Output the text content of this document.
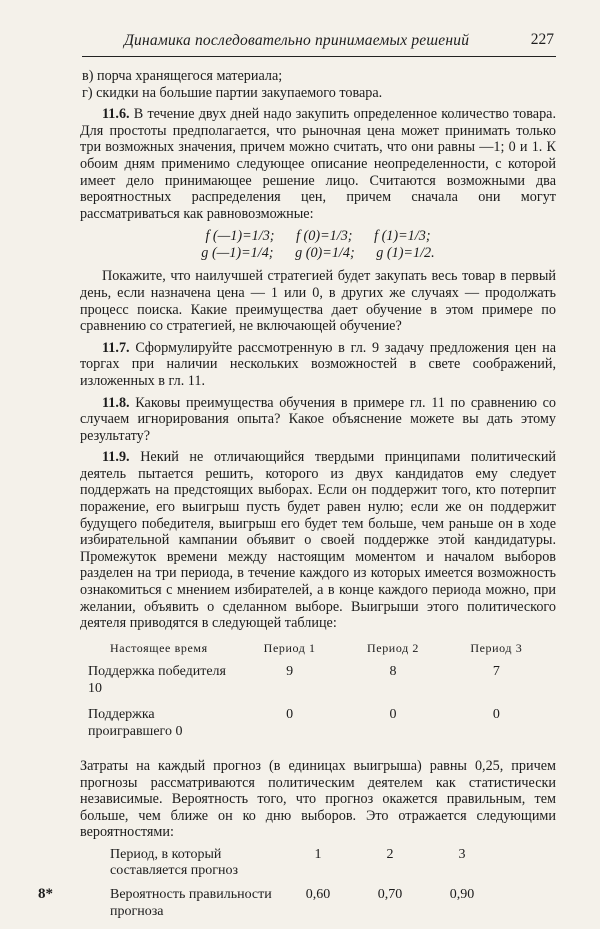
Динамика последовательно принимаемых решений	227

в) порча хранящегося материала;

г) скидки на большие партии закупаемого товара.

11.6. В течение двух дней надо закупить определенное количество товара. Для простоты предполагается, что рыночная цена может принимать только три возможных значения, причем можно считать, что они равны —1; 0 и 1. К обоим дням применимо следующее описание неопределенности, с которой имеет дело принимающее решение лицо. Считаются возможными два вероятностных распределения цен, причем сначала они могут рассматриваться как равновозможные:

f (—1)=1/3; f (0)=1/3; f (1)=1/3;
g (—1)=1/4; g (0)=1/4; g (1)=1/2.

Покажите, что наилучшей стратегией будет закупать весь товар в первый день, если назначена цена — 1 или 0, в других же случаях — продолжать процесс поиска. Какие преимущества дает обучение в этом примере по сравнению со стратегией, не включающей обучение?

11.7. Сформулируйте рассмотренную в гл. 9 задачу предложения цен на торгах при наличии нескольких возможностей в свете соображений, изложенных в гл. 11.

11.8. Каковы преимущества обучения в примере гл. 11 по сравнению со случаем игнорирования опыта? Какое объяснение можете вы дать этому результату?

11.9. Некий не отличающийся твердыми принципами политический деятель пытается решить, которого из двух кандидатов ему следует поддержать на предстоящих выборах. Если он поддержит того, кто потерпит поражение, его выигрыш пусть будет равен нулю; если же он поддержит будущего победителя, выигрыш его будет тем больше, чем раньше он в ходе избирательной кампании объявит о своей поддержке этой кандидатуры. Промежуток времени между настоящим моментом и началом выборов разделен на три периода, в течение каждого из которых имеется возможность ознакомиться с мнением избирателей, а в конце каждого периода можно, при желании, объявить о сделанном выборе. Выигрыши этого политического деятеля приводятся в следующей таблице:

Настоящее время	Период 1	Период 2	Период 3
Поддержка победителя 10	9	8	7
Поддержка проигравшего 0	0	0	0

Затраты на каждый прогноз (в единицах выигрыша) равны 0,25, причем прогнозы рассматриваются политическим деятелем как статистически независимые. Вероятность того, что прогноз окажется правильным, тем больше, чем ближе он ко дню выборов. Это отражается следующими вероятностями:

Период, в который составляется прогноз	1	2	3
Вероятность правильности прогноза	0,60	0,70	0,90
8*
